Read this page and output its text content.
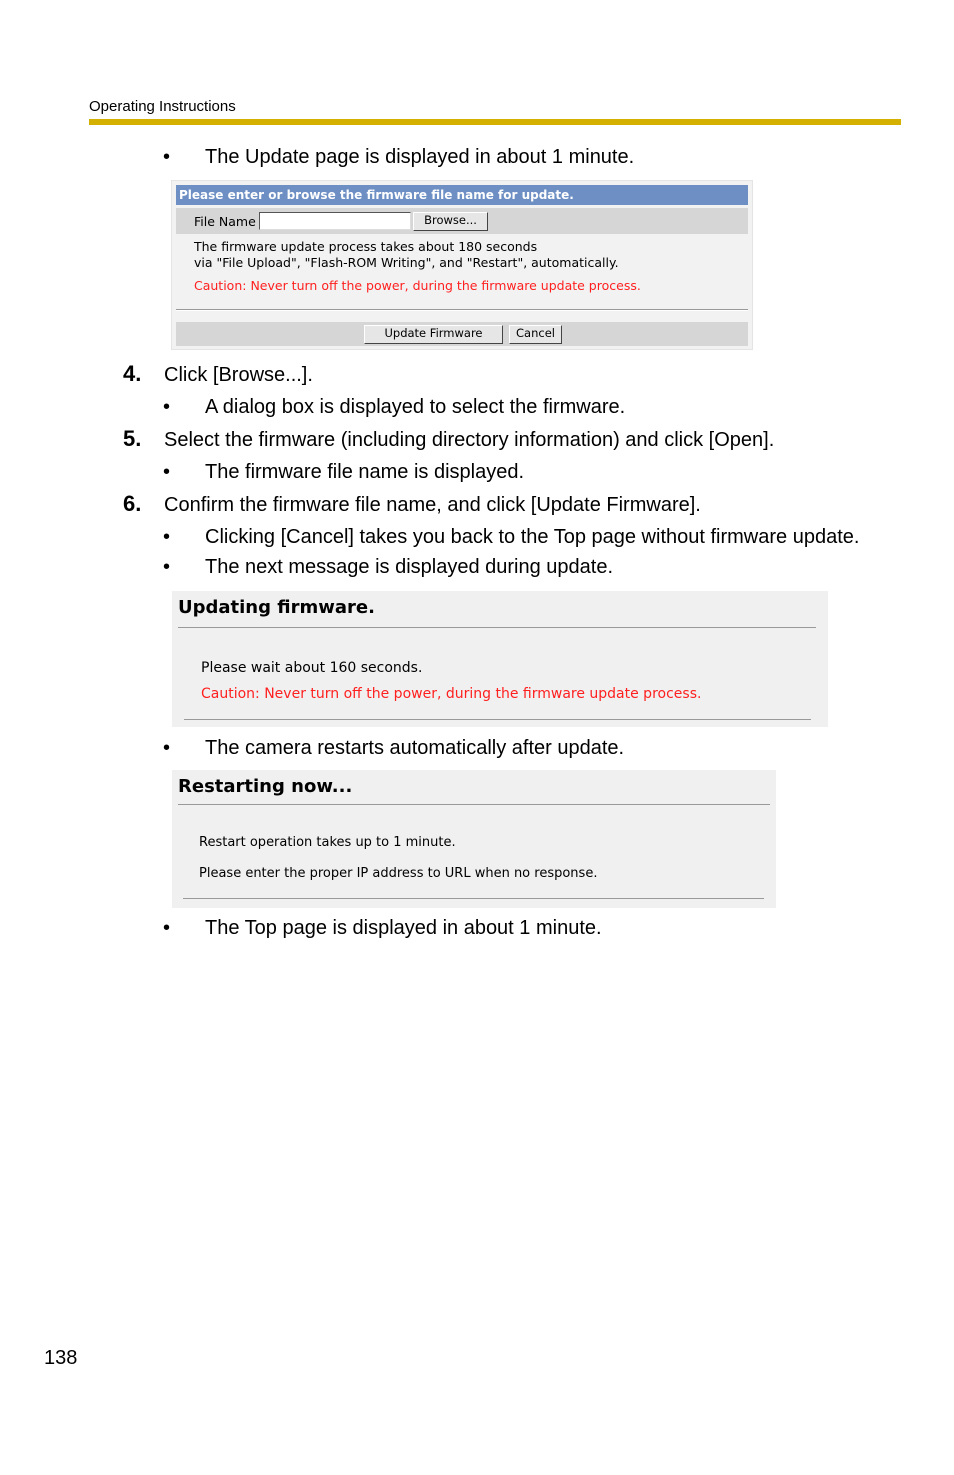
Operating Instructions
• The Update page is displayed in about 1 minute.
Please enter or browse the firmware file name for update.
File Name	Browse...
The firmware update process takes about 180 seconds
via "File Upload", "Flash-ROM Writing", and "Restart", automatically.
Caution: Never turn off the power, during the firmware update process.
Update Firmware	Cancel
4. Click [Browse...].
• A dialog box is displayed to select the firmware.
5. Select the firmware (including directory information) and click [Open].
• The firmware file name is displayed.
6. Confirm the firmware file name, and click [Update Firmware].
• Clicking [Cancel] takes you back to the Top page without firmware update.
• The next message is displayed during update.
Updating firmware.
Please wait about 160 seconds.
Caution: Never turn off the power, during the firmware update process.
• The camera restarts automatically after update.
Restarting now...
Restart operation takes up to 1 minute.
Please enter the proper IP address to URL when no response.
• The Top page is displayed in about 1 minute.
138
